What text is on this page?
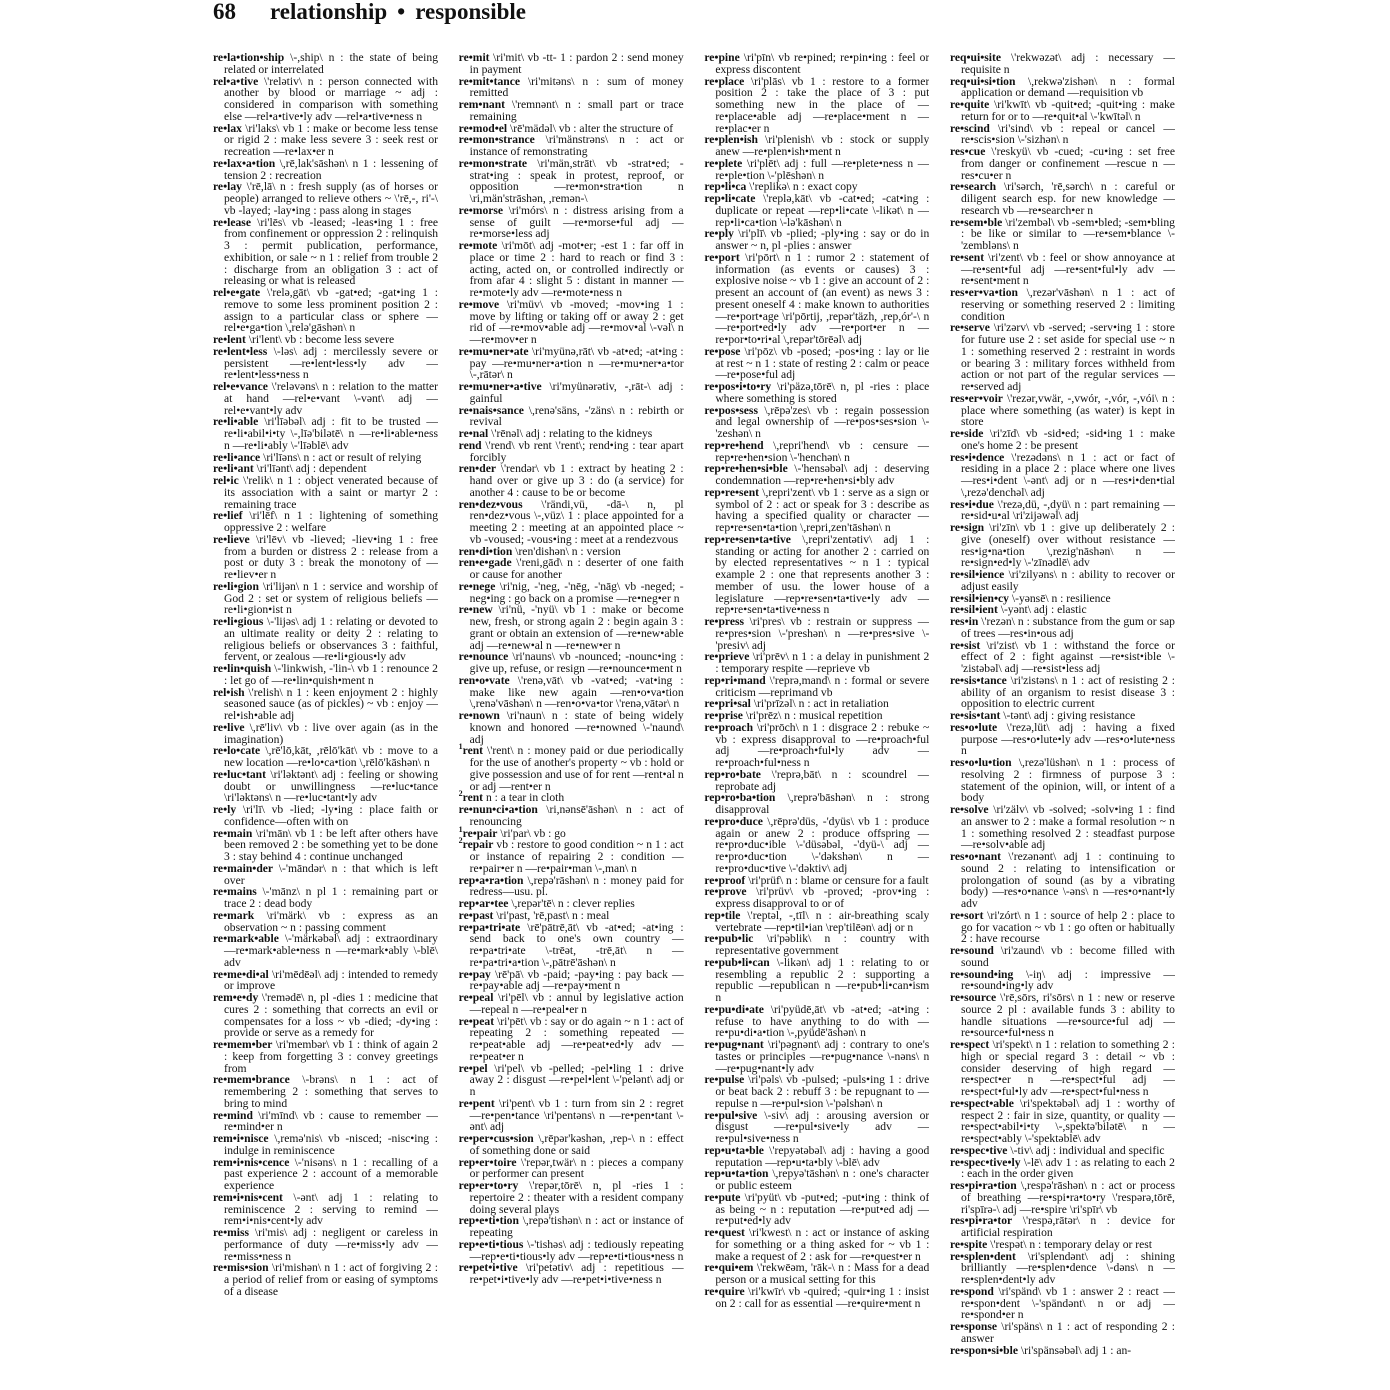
68 relationship • responsible

re•la•tion•ship \-,ship\ n : the state of being related or interrelated

rel•a•tive \'relətiv\ n : person connected with another by blood or marriage ~ adj : considered in comparison with something else —rel•a•tive•ly adv —rel•a•tive•ness n

re•lax \ri'laks\ vb 1 : make or become less tense or rigid 2 : make less severe 3 : seek rest or recreation —re•lax•er n

re•lax•a•tion \,rē,lak'sāshən\ n 1 : lessening of tension 2 : recreation

re•lay \'rē,lā\ n : fresh supply (as of horses or people) arranged to relieve others ~ \'rē,-, ri'-\ vb -layed; -lay•ing : pass along in stages

re•lease \ri'lēs\ vb -leased; -leas•ing 1 : free from confinement or oppression 2 : relinquish 3 : permit publication, performance, exhibition, or sale ~ n 1 : relief from trouble 2 : discharge from an obligation 3 : act of releasing or what is released

rel•e•gate \'relə,gāt\ vb -gat•ed; -gat•ing 1 : remove to some less prominent position 2 : assign to a particular class or sphere —rel•e•ga•tion \,relə'gāshən\ n

re•lent \ri'lent\ vb : become less severe

re•lent•less \-ləs\ adj : mercilessly severe or persistent —re•lent•less•ly adv —re•lent•less•ness n

rel•e•vance \'reləvəns\ n : relation to the matter at hand —rel•e•vant \-vənt\ adj —rel•e•vant•ly adv

re•li•able \ri'līəbəl\ adj : fit to be trusted —re•li•abil•i•ty \-,līə'bilətē\ n —re•li•able•ness n —re•li•ably \-'līəblē\ adv

re•li•ance \ri'līəns\ n : act or result of relying

re•li•ant \ri'līənt\ adj : dependent

rel•ic \'relik\ n 1 : object venerated because of its association with a saint or martyr 2 : remaining trace

re•lief \ri'lēf\ n 1 : lightening of something oppressive 2 : welfare

re•lieve \ri'lēv\ vb -lieved; -liev•ing 1 : free from a burden or distress 2 : release from a post or duty 3 : break the monotony of —re•liev•er n

re•li•gion \ri'lijən\ n 1 : service and worship of God 2 : set or system of religious beliefs —re•li•gion•ist n

re•li•gious \-'lijəs\ adj 1 : relating or devoted to an ultimate reality or deity 2 : relating to religious beliefs or observances 3 : faithful, fervent, or zealous —re•li•gious•ly adv

re•lin•quish \-'linkwish, -'lin-\ vb 1 : renounce 2 : let go of —re•lin•quish•ment n

rel•ish \'relish\ n 1 : keen enjoyment 2 : highly seasoned sauce (as of pickles) ~ vb : enjoy —rel•ish•able adj

re•live \,rē'liv\ vb : live over again (as in the imagination)

re•lo•cate \,rē'lō,kāt, ,rēlō'kāt\ vb : move to a new location —re•lo•ca•tion \,rēlō'kāshən\ n

re•luc•tant \ri'ləktənt\ adj : feeling or showing doubt or unwillingness —re•luc•tance \ri'ləktəns\ n —re•luc•tant•ly adv

re•ly \ri'lī\ vb -lied; -ly•ing : place faith or confidence—often with on

re•main \ri'mān\ vb 1 : be left after others have been removed 2 : be something yet to be done 3 : stay behind 4 : continue unchanged

re•main•der \-'māndər\ n : that which is left over

re•mains \-'mānz\ n pl 1 : remaining part or trace 2 : dead body

re•mark \ri'märk\ vb : express as an observation ~ n : passing comment

re•mark•able \-'märkəbəl\ adj : extraordinary —re•mark•able•ness n —re•mark•ably \-blē\ adv

re•me•di•al \ri'mēdēəl\ adj : intended to remedy or improve

rem•e•dy \'remədē\ n, pl -dies 1 : medicine that cures 2 : something that corrects an evil or compensates for a loss ~ vb -died; -dy•ing : provide or serve as a remedy for

re•mem•ber \ri'membər\ vb 1 : think of again 2 : keep from forgetting 3 : convey greetings from

re•mem•brance \-brəns\ n 1 : act of remembering 2 : something that serves to bring to mind

re•mind \ri'mīnd\ vb : cause to remember —re•mind•er n

rem•i•nisce \,remə'nis\ vb -nisced; -nisc•ing : indulge in reminiscence

rem•i•nis•cence \-'nisəns\ n 1 : recalling of a past experience 2 : account of a memorable experience

rem•i•nis•cent \-ənt\ adj 1 : relating to reminiscence 2 : serving to remind —rem•i•nis•cent•ly adv

re•miss \ri'mis\ adj : negligent or careless in performance of duty —re•miss•ly adv —re•miss•ness n

re•mis•sion \ri'mishən\ n 1 : act of forgiving 2 : a period of relief from or easing of symptoms of a disease

re•mit \ri'mit\ vb -tt- 1 : pardon 2 : send money in payment

re•mit•tance \ri'mitəns\ n : sum of money remitted

rem•nant \'remnənt\ n : small part or trace remaining

re•mod•el \rē'mädəl\ vb : alter the structure of

re•mon•strance \ri'mänstrəns\ n : act or instance of remonstrating

re•mon•strate \ri'män,strāt\ vb -strat•ed; -strat•ing : speak in protest, reproof, or opposition —re•mon•stra•tion n \ri,män'strāshən, ,remən-\

re•morse \ri'mórs\ n : distress arising from a sense of guilt —re•morse•ful adj —re•morse•less adj

re•mote \ri'mōt\ adj -mot•er; -est 1 : far off in place or time 2 : hard to reach or find 3 : acting, acted on, or controlled indirectly or from afar 4 : slight 5 : distant in manner —re•mote•ly adv —re•mote•ness n

re•move \ri'müv\ vb -moved; -mov•ing 1 : move by lifting or taking off or away 2 : get rid of —re•mov•able adj —re•mov•al \-vəl\ n —re•mov•er n

re•mu•ner•ate \ri'myünə,rāt\ vb -at•ed; -at•ing : pay —re•mu•ner•a•tion n —re•mu•ner•a•tor \-,rātər\ n

re•mu•ner•a•tive \ri'myünərətiv, -,rāt-\ adj : gainful

re•nais•sance \,renə'säns, -'zäns\ n : rebirth or revival

re•nal \'rēnəl\ adj : relating to the kidneys

rend \'rend\ vb rent \'rent\; rend•ing : tear apart forcibly

ren•der \'rendər\ vb 1 : extract by heating 2 : hand over or give up 3 : do (a service) for another 4 : cause to be or become

ren•dez•vous \'rändi,vü, -dā-\ n, pl ren•dez•vous \-,vüz\ 1 : place appointed for a meeting 2 : meeting at an appointed place ~ vb -voused; -vous•ing : meet at a rendezvous

ren•di•tion \ren'dishən\ n : version

ren•e•gade \'reni,gād\ n : deserter of one faith or cause for another

re•nege \ri'nig, -'neg, -'nēg, -'nāg\ vb -neged; -neg•ing : go back on a promise —re•neg•er n

re•new \ri'nü, -'nyü\ vb 1 : make or become new, fresh, or strong again 2 : begin again 3 : grant or obtain an extension of —re•new•able adj —re•new•al n —re•new•er n

re•nounce \ri'nauns\ vb -nounced; -nounc•ing : give up, refuse, or resign —re•nounce•ment n

ren•o•vate \'renə,vāt\ vb -vat•ed; -vat•ing : make like new again —ren•o•va•tion \,renə'vāshən\ n —ren•o•va•tor \'renə,vātər\ n

re•nown \ri'naun\ n : state of being widely known and honored —re•nowned \-'naund\ adj

$^1$rent \'rent\ n : money paid or due periodically for the use of another's property ~ vb : hold or give possession and use of for rent —rent•al n or adj —rent•er n

$^2$rent n : a tear in cloth

re•nun•ci•a•tion \ri,nənsē'āshən\ n : act of renouncing

$^1$re•pair \ri'par\ vb : go

$^2$repair vb : restore to good condition ~ n 1 : act or instance of repairing 2 : condition —re•pair•er n —re•pair•man \-,man\ n

rep•a•ra•tion \,repə'rāshən\ n : money paid for redress—usu. pl.

rep•ar•tee \,repər'tē\ n : clever replies

re•past \ri'past, 'rē,past\ n : meal

re•pa•tri•ate \rē'pātrē,āt\ vb -at•ed; -at•ing : send back to one's own country —re•pa•tri•ate \-trēət, -trē,āt\ n —re•pa•tri•a•tion \-,pātrē'āshən\ n

re•pay \rē'pā\ vb -paid; -pay•ing : pay back —re•pay•able adj —re•pay•ment n

re•peal \ri'pēl\ vb : annul by legislative action —repeal n —re•peal•er n

re•peat \ri'pēt\ vb : say or do again ~ n 1 : act of repeating 2 : something repeated —re•peat•able adj —re•peat•ed•ly adv —re•peat•er n

re•pel \ri'pel\ vb -pelled; -pel•ling 1 : drive away 2 : disgust —re•pel•lent \-'pelənt\ adj or n

re•pent \ri'pent\ vb 1 : turn from sin 2 : regret —re•pen•tance \ri'pentəns\ n —re•pen•tant \-ənt\ adj

re•per•cus•sion \,rēpər'kəshən, ,rep-\ n : effect of something done or said

rep•er•toire \'repər,twär\ n : pieces a company or performer can present

rep•er•to•ry \'repər,tōrē\ n, pl -ries 1 : repertoire 2 : theater with a resident company doing several plays

rep•e•ti•tion \,repə'tishən\ n : act or instance of repeating

rep•e•ti•tious \-'tishəs\ adj : tediously repeating —rep•e•ti•tious•ly adv —rep•e•ti•tious•ness n

re•pet•i•tive \ri'petətiv\ adj : repetitious —re•pet•i•tive•ly adv —re•pet•i•tive•ness n

re•pine \ri'pīn\ vb re•pined; re•pin•ing : feel or express discontent

re•place \ri'plās\ vb 1 : restore to a former position 2 : take the place of 3 : put something new in the place of —re•place•able adj —re•place•ment n —re•plac•er n

re•plen•ish \ri'plenish\ vb : stock or supply anew —re•plen•ish•ment n

re•plete \ri'plēt\ adj : full —re•plete•ness n —re•ple•tion \-'plēshən\ n

rep•li•ca \'replikə\ n : exact copy

rep•li•cate \'replə,kāt\ vb -cat•ed; -cat•ing : duplicate or repeat —rep•li•cate \-likət\ n —rep•li•ca•tion \-lə'kāshən\ n

re•ply \ri'plī\ vb -plied; -ply•ing : say or do in answer ~ n, pl -plies : answer

re•port \ri'pōrt\ n 1 : rumor 2 : statement of information (as events or causes) 3 : explosive noise ~ vb 1 : give an account of 2 : present an account of (an event) as news 3 : present oneself 4 : make known to authorities —re•port•age \ri'pōrtij, ,repər'täzh, ,rep,ór'-\ n —re•port•ed•ly adv —re•port•er n —re•por•to•ri•al \,repər'tōrēəl\ adj

re•pose \ri'pōz\ vb -posed; -pos•ing : lay or lie at rest ~ n 1 : state of resting 2 : calm or peace —re•pose•ful adj

re•pos•i•to•ry \ri'päzə,tōrē\ n, pl -ries : place where something is stored

re•pos•sess \,rēpə'zes\ vb : regain possession and legal ownership of —re•pos•ses•sion \-'zeshən\ n

rep•re•hend \,repri'hend\ vb : censure —rep•re•hen•sion \-'henchən\ n

rep•re•hen•si•ble \-'hensəbəl\ adj : deserving condemnation —rep•re•hen•si•bly adv

rep•re•sent \,repri'zent\ vb 1 : serve as a sign or symbol of 2 : act or speak for 3 : describe as having a specified quality or character —rep•re•sen•ta•tion \,repri,zen'tāshən\ n

rep•re•sen•ta•tive \,repri'zentətiv\ adj 1 : standing or acting for another 2 : carried on by elected representatives ~ n 1 : typical example 2 : one that represents another 3 : member of usu. the lower house of a legislature —rep•re•sen•ta•tive•ly adv —rep•re•sen•ta•tive•ness n

re•press \ri'pres\ vb : restrain or suppress —re•pres•sion \-'preshən\ n —re•pres•sive \-'presiv\ adj

re•prieve \ri'prēv\ n 1 : a delay in punishment 2 : temporary respite —reprieve vb

rep•ri•mand \'reprə,mand\ n : formal or severe criticism —reprimand vb

re•pri•sal \ri'prīzəl\ n : act in retaliation

re•prise \ri'prēz\ n : musical repetition

re•proach \ri'prōch\ n 1 : disgrace 2 : rebuke ~ vb : express disapproval to —re•proach•ful adj —re•proach•ful•ly adv —re•proach•ful•ness n

rep•ro•bate \'reprə,bāt\ n : scoundrel —reprobate adj

rep•ro•ba•tion \,reprə'bāshən\ n : strong disapproval

re•pro•duce \,rēprə'düs, -'dyüs\ vb 1 : produce again or anew 2 : produce offspring —re•pro•duc•ible \-'düsəbəl, -'dyü-\ adj —re•pro•duc•tion \-'dəkshən\ n —re•pro•duc•tive \-'dəktiv\ adj

re•proof \ri'prüf\ n : blame or censure for a fault

re•prove \ri'prüv\ vb -proved; -prov•ing : express disapproval to or of

rep•tile \'reptəl, -,tīl\ n : air-breathing scaly vertebrate —rep•til•ian \rep'tilēən\ adj or n

re•pub•lic \ri'pəblik\ n : country with representative government

re•pub•li•can \-likən\ adj 1 : relating to or resembling a republic 2 : supporting a republic —republican n —re•pub•li•can•ism n

re•pu•di•ate \ri'pyüdē,āt\ vb -at•ed; -at•ing : refuse to have anything to do with —re•pu•di•a•tion \-,pyüdē'āshən\ n

re•pug•nant \ri'pəgnənt\ adj : contrary to one's tastes or principles —re•pug•nance \-nəns\ n —re•pug•nant•ly adv

re•pulse \ri'pəls\ vb -pulsed; -puls•ing 1 : drive or beat back 2 : rebuff 3 : be repugnant to —repulse n —re•pul•sion \-'pəlshən\ n

re•pul•sive \-siv\ adj : arousing aversion or disgust —re•pul•sive•ly adv —re•pul•sive•ness n

rep•u•ta•ble \'repyətəbəl\ adj : having a good reputation —rep•u•ta•bly \-blē\ adv

rep•u•ta•tion \,repyə'tāshən\ n : one's character or public esteem

re•pute \ri'pyüt\ vb -put•ed; -put•ing : think of as being ~ n : reputation —re•put•ed adj —re•put•ed•ly adv

re•quest \ri'kwest\ n : act or instance of asking for something or a thing asked for ~ vb 1 : make a request of 2 : ask for —re•quest•er n

re•qui•em \'rekwēəm, 'rāk-\ n : Mass for a dead person or a musical setting for this

re•quire \ri'kwīr\ vb -quired; -quir•ing 1 : insist on 2 : call for as essential —re•quire•ment n

req•ui•site \'rekwəzət\ adj : necessary —requisite n

req•ui•si•tion \,rekwə'zishən\ n : formal application or demand —requisition vb

re•quite \ri'kwīt\ vb -quit•ed; -quit•ing : make return for or to —re•quit•al \-'kwītəl\ n

re•scind \ri'sind\ vb : repeal or cancel —re•scis•sion \-'sizhən\ n

res•cue \'reskyü\ vb -cued; -cu•ing : set free from danger or confinement —rescue n —res•cu•er n

re•search \ri'sərch, 'rē,sərch\ n : careful or diligent search esp. for new knowledge —research vb —re•search•er n

re•sem•ble \ri'zembəl\ vb -sem•bled; -sem•bling : be like or similar to —re•sem•blance \-'zembləns\ n

re•sent \ri'zent\ vb : feel or show annoyance at —re•sent•ful adj —re•sent•ful•ly adv —re•sent•ment n

res•er•va•tion \,rezər'vāshən\ n 1 : act of reserving or something reserved 2 : limiting condition

re•serve \ri'zərv\ vb -served; -serv•ing 1 : store for future use 2 : set aside for special use ~ n 1 : something reserved 2 : restraint in words or bearing 3 : military forces withheld from action or not part of the regular services —re•served adj

res•er•voir \'rezər,vwär, -,vwór, -,vór, -,vói\ n : place where something (as water) is kept in store

re•side \ri'zīd\ vb -sid•ed; -sid•ing 1 : make one's home 2 : be present

res•i•dence \'rezədəns\ n 1 : act or fact of residing in a place 2 : place where one lives —res•i•dent \-ənt\ adj or n —res•i•den•tial \,rezə'denchəl\ adj

res•i•due \'rezə,dü, -,dyü\ n : part remaining —re•sid•u•al \ri'zijəwəl\ adj

re•sign \ri'zīn\ vb 1 : give up deliberately 2 : give (oneself) over without resistance —res•ig•na•tion \,rezig'nāshən\ n —re•sign•ed•ly \-'zīnədlē\ adv

re•sil•ience \ri'zilyəns\ n : ability to recover or adjust easily

re•sil•ien•cy \-yənsē\ n : resilience

re•sil•ient \-yənt\ adj : elastic

res•in \'rezən\ n : substance from the gum or sap of trees —res•in•ous adj

re•sist \ri'zist\ vb 1 : withstand the force or effect of 2 : fight against —re•sist•ible \-'zistəbəl\ adj —re•sist•less adj

re•sis•tance \ri'zistəns\ n 1 : act of resisting 2 : ability of an organism to resist disease 3 : opposition to electric current

re•sis•tant \-tənt\ adj : giving resistance

res•o•lute \'rezə,lüt\ adj : having a fixed purpose —res•o•lute•ly adv —res•o•lute•ness n

res•o•lu•tion \,rezə'lüshən\ n 1 : process of resolving 2 : firmness of purpose 3 : statement of the opinion, will, or intent of a body

re•solve \ri'zälv\ vb -solved; -solv•ing 1 : find an answer to 2 : make a formal resolution ~ n 1 : something resolved 2 : steadfast purpose —re•solv•able adj

res•o•nant \'rezənənt\ adj 1 : continuing to sound 2 : relating to intensification or prolongation of sound (as by a vibrating body) —res•o•nance \-əns\ n —res•o•nant•ly adv

re•sort \ri'zórt\ n 1 : source of help 2 : place to go for vacation ~ vb 1 : go often or habitually 2 : have recourse

re•sound \ri'zaund\ vb : become filled with sound

re•sound•ing \-iŋ\ adj : impressive —re•sound•ing•ly adv

re•source \'rē,sōrs, ri'sōrs\ n 1 : new or reserve source 2 pl : available funds 3 : ability to handle situations —re•source•ful adj —re•source•ful•ness n

re•spect \ri'spekt\ n 1 : relation to something 2 : high or special regard 3 : detail ~ vb : consider deserving of high regard —re•spect•er n —re•spect•ful adj —re•spect•ful•ly adv —re•spect•ful•ness n

re•spect•able \ri'spektəbəl\ adj 1 : worthy of respect 2 : fair in size, quantity, or quality —re•spect•abil•i•ty \-,spektə'bilətē\ n —re•spect•ably \-'spektəblē\ adv

re•spec•tive \-tiv\ adj : individual and specific

re•spec•tive•ly \-lē\ adv 1 : as relating to each 2 : each in the order given

res•pi•ra•tion \,respə'rāshən\ n : act or process of breathing —re•spi•ra•to•ry \'respərə,tōrē, ri'spīrə-\ adj —re•spire \ri'spīr\ vb

res•pi•ra•tor \'respə,rātər\ n : device for artificial respiration

re•spite \'respət\ n : temporary delay or rest

re•splen•dent \ri'splendənt\ adj : shining brilliantly —re•splen•dence \-dəns\ n —re•splen•dent•ly adv

re•spond \ri'spänd\ vb 1 : answer 2 : react —re•spon•dent \-'spändənt\ n or adj —re•spond•er n

re•sponse \ri'späns\ n 1 : act of responding 2 : answer

re•spon•si•ble \ri'spänsəbəl\ adj 1 : an-
